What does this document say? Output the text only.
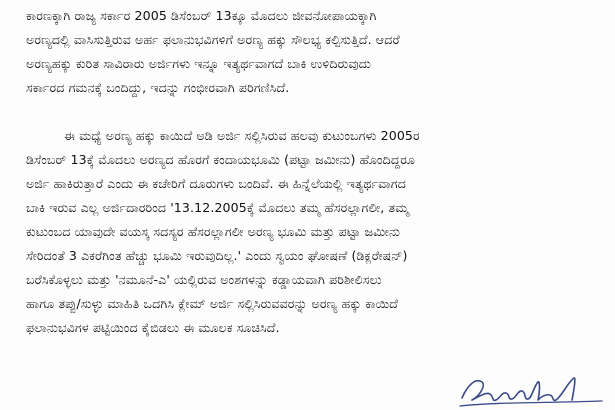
ಕಾರಣಕ್ಕಾಗಿ ರಾಜ್ಯ ಸರ್ಕಾರ 2005 ಡಿಸೆಂಬರ್ 13ಕ್ಕೂ ಮೊದಲು ಜೀವನೋಪಾಯಕ್ಕಾಗಿ
ಅರಣ್ಯದಲ್ಲಿ ವಾಸಿಸುತ್ತಿರುವ ಅರ್ಹ ಫಲಾನುಭವಿಗಳಿಗೆ ಅರಣ್ಯ ಹಕ್ಕು ಸೌಲಭ್ಯ ಕಲ್ಪಿಸುತ್ತಿದೆ. ಆದರೆ
ಅರಣ್ಯಹಕ್ಕು ಕುರಿತ ಸಾವಿರಾರು ಅರ್ಜಿಗಳು ಇನ್ನೂ ಇತ್ಯರ್ಥವಾಗದೆ ಬಾಕಿ ಉಳಿದಿರುವುದು
ಸರ್ಕಾರದ ಗಮನಕ್ಕೆ ಬಂದಿದ್ದು, ಇದನ್ನು ಗಂಭೀರವಾಗಿ ಪರಿಗಣಿಸಿದೆ.
ಈ ಮಧ್ಯೆ ಅರಣ್ಯ ಹಕ್ಕು ಕಾಯಿದೆ ಅಡಿ ಅರ್ಜಿ ಸಲ್ಲಿಸಿರುವ ಹಲವು ಕುಟುಂಬಗಳು 2005ರ
ಡಿಸೆಂಬರ್ 13ಕ್ಕೆ ಮೊದಲು ಅರಣ್ಯದ ಹೊರಗೆ ಕಂದಾಯಭೂಮಿ (ಪಟ್ಟಾ ಜಮೀನು) ಹೊಂದಿದ್ದರೂ
ಅರ್ಜಿ ಹಾಕಿರುತ್ತಾರೆ ಎಂದು ಈ ಕಚೇರಿಗೆ ದೂರುಗಳು ಬಂದಿವೆ. ಈ ಹಿನ್ನೆಲೆಯಲ್ಲಿ ಇತ್ಯರ್ಥವಾಗದ
ಬಾಕಿ ಇರುವ ಎಲ್ಲ ಅರ್ಜಿದಾರರಿಂದ '13.12.2005ಕ್ಕೆ ಮೊದಲು ತಮ್ಮ ಹೆಸರಲ್ಲಾಗಲೀ, ತಮ್ಮ
ಕುಟುಂಬದ ಯಾವುದೇ ವಯಸ್ಕ ಸದಸ್ಯರ ಹೆಸರಲ್ಲಾಗಲೀ ಅರಣ್ಯ ಭೂಮಿ ಮತ್ತು ಪಟ್ಟಾ ಜಮೀನು
ಸೇರಿದಂತೆ 3 ಎಕರೆಗಿಂತ ಹೆಚ್ಚು ಭೂಮಿ ಇರುವುದಿಲ್ಲ.' ಎಂದು ಸ್ವಯಂ ಘೋಷಣೆ (ಡಿಕ್ಲರೇಷನ್)
ಬರೆಸಿಕೊಳ್ಳಲು ಮತ್ತು 'ನಮೂನೆ-ಎ' ಯಲ್ಲಿರುವ ಅಂಶಗಳನ್ನು ಕಡ್ಡಾಯವಾಗಿ ಪರಿಶೀಲಿಸಲು
ಹಾಗೂ ತಪ್ಪು/ಸುಳ್ಳು ಮಾಹಿತಿ ಒದಗಿಸಿ ಕ್ಲೇಮ್ ಅರ್ಜಿ ಸಲ್ಲಿಸಿರುವವರನ್ನು ಅರಣ್ಯ ಹಕ್ಕು ಕಾಯಿದೆ
ಫಲಾನುಭವಿಗಳ ಪಟ್ಟಿಯಿಂದ ಕೈಬಿಡಲು ಈ ಮೂಲಕ ಸೂಚಿಸಿದೆ.
